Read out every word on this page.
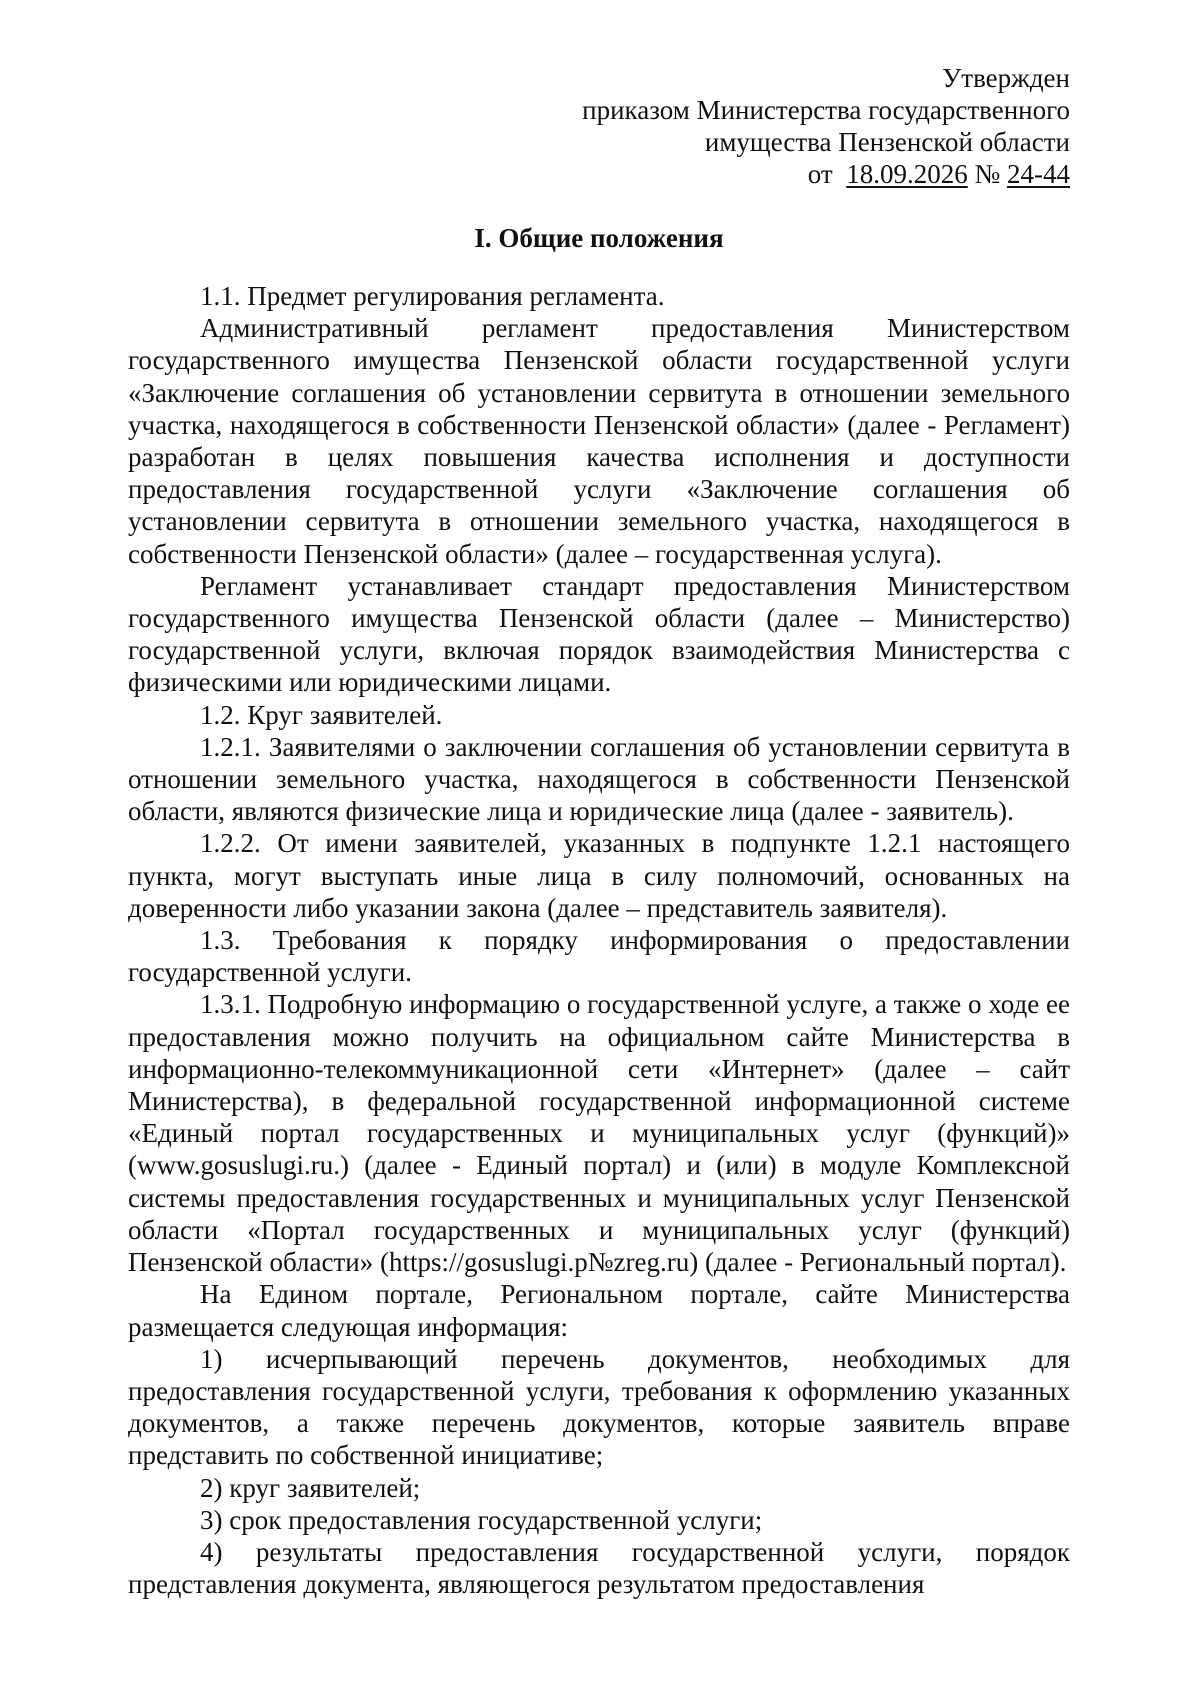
Утвержден
приказом Министерства государственного
имущества Пензенской области
от 18.09.2026 № 24-44
I. Общие положения

1.1. Предмет регулирования регламента.

Административный регламент предоставления Министерством государственного имущества Пензенской области государственной услуги «Заключение соглашения об установлении сервитута в отношении земельного участка, находящегося в собственности Пензенской области» (далее - Регламент) разработан в целях повышения качества исполнения и доступности предоставления государственной услуги «Заключение соглашения об установлении сервитута в отношении земельного участка, находящегося в собственности Пензенской области» (далее – государственная услуга).

Регламент устанавливает стандарт предоставления Министерством государственного имущества Пензенской области (далее – Министерство) государственной услуги, включая порядок взаимодействия Министерства с физическими или юридическими лицами.

1.2. Круг заявителей.

1.2.1. Заявителями о заключении соглашения об установлении сервитута в отношении земельного участка, находящегося в собственности Пензенской области, являются физические лица и юридические лица (далее - заявитель).

1.2.2. От имени заявителей, указанных в подпункте 1.2.1 настоящего пункта, могут выступать иные лица в силу полномочий, основанных на доверенности либо указании закона (далее – представитель заявителя).

1.3. Требования к порядку информирования о предоставлении государственной услуги.

1.3.1. Подробную информацию о государственной услуге, а также о ходе ее предоставления можно получить на официальном сайте Министерства в информационно-телекоммуникационной сети «Интернет» (далее – сайт Министерства), в федеральной государственной информационной системе «Единый портал государственных и муниципальных услуг (функций)» (www.gosuslugi.ru.) (далее - Единый портал) и (или) в модуле Комплексной системы предоставления государственных и муниципальных услуг Пензенской области «Портал государственных и муниципальных услуг (функций) Пензенской области» (https://gosuslugi.p№zreg.ru) (далее - Региональный портал).

На Едином портале, Региональном портале, сайте Министерства размещается следующая информация:

1) исчерпывающий перечень документов, необходимых для предоставления государственной услуги, требования к оформлению указанных документов, а также перечень документов, которые заявитель вправе представить по собственной инициативе;

2) круг заявителей;

3) срок предоставления государственной услуги;

4) результаты предоставления государственной услуги, порядок представления документа, являющегося результатом предоставления
